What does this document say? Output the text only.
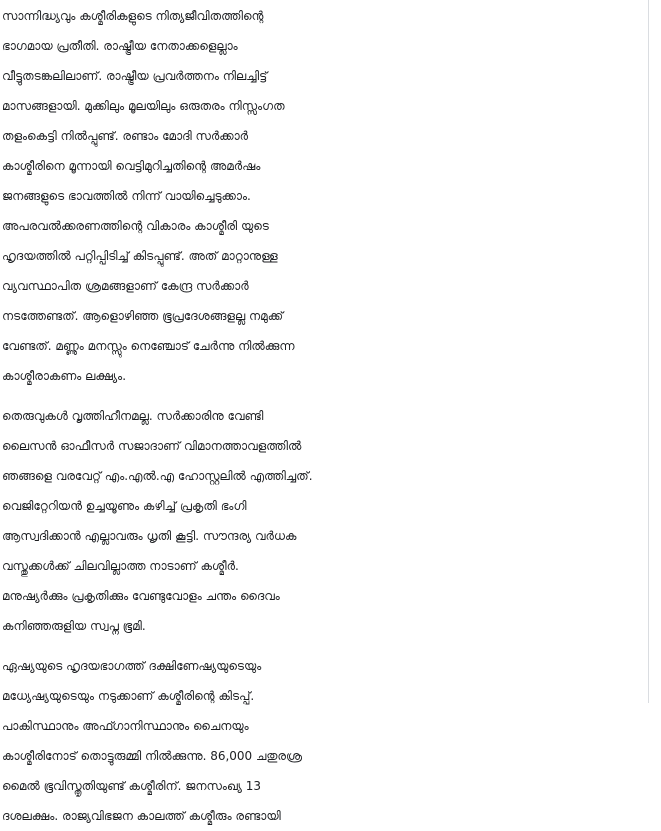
സാന്നിദ്ധ്യവും കശ്മീരികളുടെ നിത്യജീവിതത്തിന്റെ
ഭാഗമായ പ്രതീതി. രാഷ്ട്രീയ നേതാക്കളെല്ലാം
വീട്ടുതടങ്കലിലാണ്. രാഷ്ട്രീയ പ്രവർത്തനം നിലച്ചിട്ട്
മാസങ്ങളായി. മുക്കിലും മൂലയിലും ഒരുതരം നിസ്സംഗത
തളംകെട്ടി നിൽപ്പുണ്ട്. രണ്ടാം മോദി സർക്കാർ
കാശ്മീരിനെ മൂന്നായി വെട്ടിമുറിച്ചതിന്റെ അമർഷം
ജനങ്ങളുടെ ഭാവത്തിൽ നിന്ന് വായിച്ചെടുക്കാം.
അപരവൽക്കരണത്തിന്റെ വികാരം കാശ്മീരി യുടെ
ഹൃദയത്തിൽ പറ്റിപ്പിടിച്ച് കിടപ്പുണ്ട്. അത് മാറ്റാനുള്ള
വ്യവസ്ഥാപിത ശ്രമങ്ങളാണ് കേന്ദ്ര സർക്കാർ
നടത്തേണ്ടത്. ആളൊഴിഞ്ഞ ഭൂപ്രദേശങ്ങളല്ല നമുക്ക്
വേണ്ടത്. മണ്ണും മനസ്സും നെഞ്ചോട് ചേർന്നു നിൽക്കുന്ന
കാശ്മീരാകണം ലക്ഷ്യം.

തെരുവുകൾ വൃത്തിഹീനമല്ല. സർക്കാരിനു വേണ്ടി
ലൈസൻ ഓഫീസർ സജാദാണ് വിമാനത്താവളത്തിൽ
ഞങ്ങളെ വരവേറ്റ് എം.എൽ.എ ഹോസ്റ്റലിൽ എത്തിച്ചത്.
വെജിറ്റേറിയൻ ഉച്ചയൂണും കഴിച്ച് പ്രകൃതി ഭംഗി
ആസ്വദിക്കാൻ എല്ലാവരും ധൃതി കൂട്ടി. സൗന്ദര്യ വർധക
വസ്തുക്കൾക്ക് ചിലവില്ലാത്ത നാടാണ് കശ്മീർ.
മനുഷ്യർക്കും പ്രകൃതിക്കും വേണ്ടുവോളം ചന്തം ദൈവം
കനിഞ്ഞരുളിയ സ്വപ്ന ഭൂമി.

ഏഷ്യയുടെ ഹൃദയഭാഗത്ത് ദക്ഷിണേഷ്യയുടെയും
മധ്യേഷ്യയുടെയും നടുക്കാണ് കശ്മീരിന്റെ കിടപ്പ്.
പാകിസ്ഥാനും അഫ്ഗാനിസ്ഥാനും ചൈനയും
കാശ്മീരിനോട് തൊട്ടുരുമ്മി നിൽക്കുന്നു. 86,000 ചതുരശ്ര
മൈൽ ഭൂവിസ്തൃതിയുണ്ട് കശ്മീരിന്. ജനസംഖ്യ 13
ദശലക്ഷം. രാജ്യവിഭജന കാലത്ത് കശ്മീരും രണ്ടായി
